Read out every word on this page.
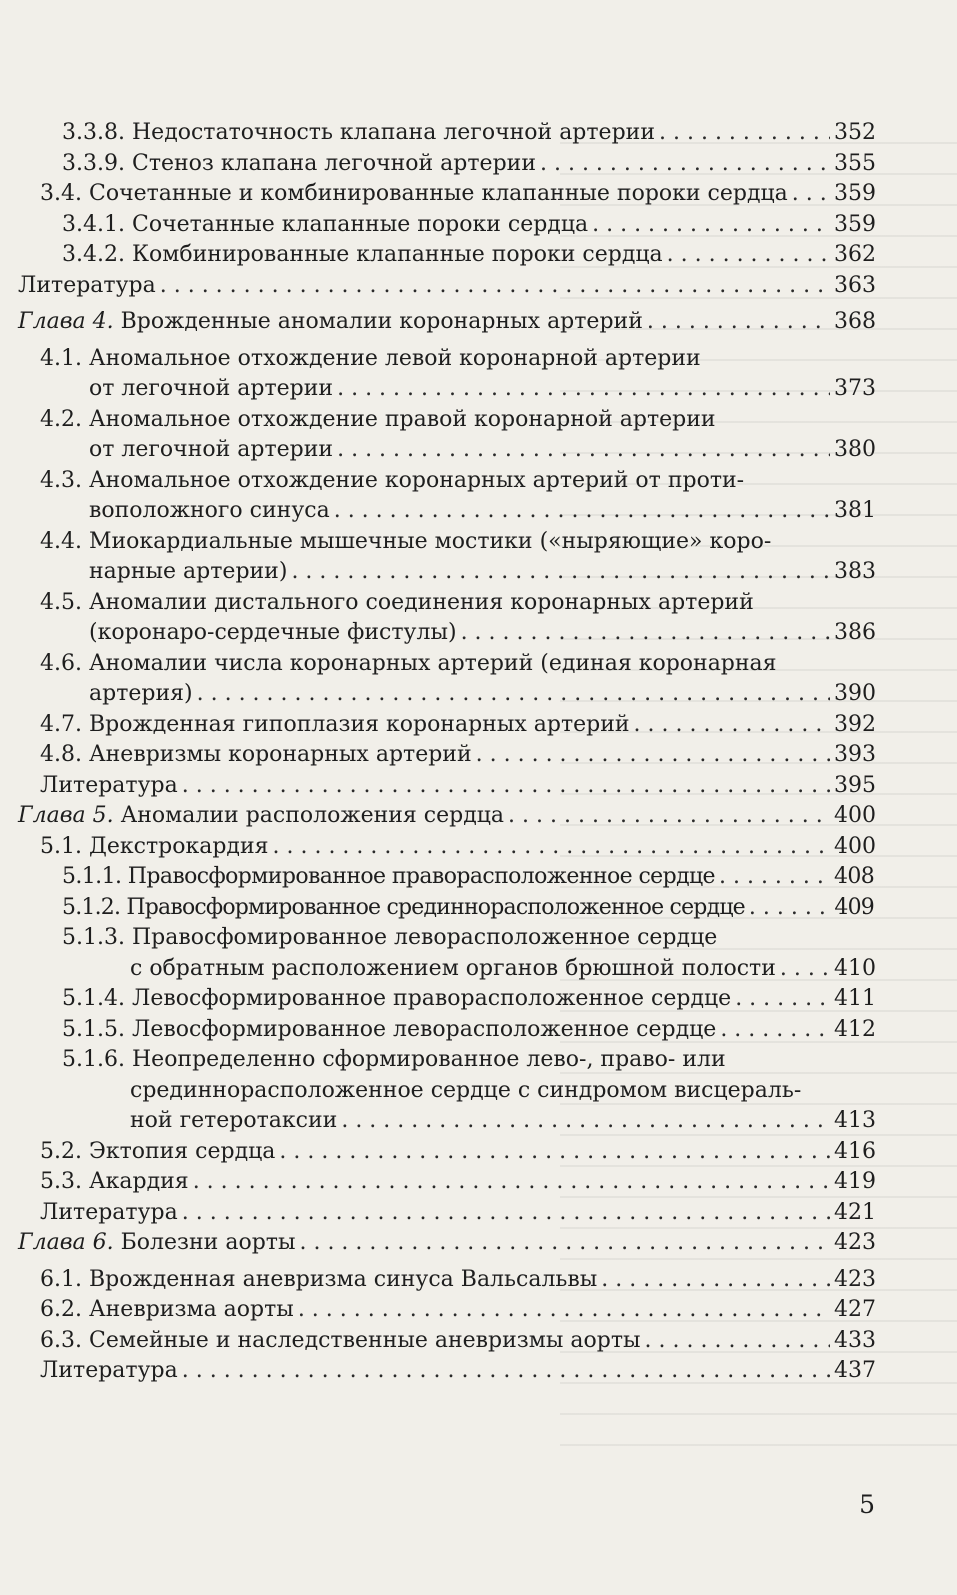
3.3.8. Недостаточность клапана легочной артерии . . .	352
3.3.9. Стеноз клапана легочной артерии . . .	355
3.4. Сочетанные и комбинированные клапанные пороки сердца . . . 359
3.4.1. Сочетанные клапанные пороки сердца . . .	359
3.4.2. Комбинированные клапанные пороки сердца . . .	362
Литература . . .	363
Глава 4. Врожденные аномалии коронарных артерий . . .	368
4.1. Аномальное отхождение левой коронарной артерии
от легочной артерии . . .	373
4.2. Аномальное отхождение правой коронарной артерии
от легочной артерии . . .	380
4.3. Аномальное отхождение коронарных артерий от проти-
воположного синуса . . .	381
4.4. Миокардиальные мышечные мостики («ныряющие» коро-
нарные артерии) . . .	383
4.5. Аномалии дистального соединения коронарных артерий
(коронаро-сердечные фистулы) . . .	386
4.6. Аномалии числа коронарных артерий (единая коронарная
артерия) . . .	390
4.7. Врожденная гипоплазия коронарных артерий . . .	392
4.8. Аневризмы коронарных артерий . . .	393
Литература . . .	395
Глава 5. Аномалии расположения сердца . . .	400
5.1. Декстрокардия . . .	400
5.1.1. Правосформированное праворасположенное сердце . . .	408
5.1.2. Правосформированное срединнорасположенное сердце . . .	409
5.1.3. Правосфомированное леворасположенное сердце
с обратным расположением органов брюшной полости . . .	410
5.1.4. Левосформированное праворасположенное сердце . . .	411
5.1.5. Левосформированное леворасположенное сердце . . .	412
5.1.6. Неопределенно сформированное лево-, право- или
срединнорасположенное сердце с синдромом висцераль-
ной гетеротаксии . . .	413
5.2. Эктопия сердца . . .	416
5.3. Акардия . . .	419
Литература . . .	421
Глава 6. Болезни аорты . . .	423
6.1. Врожденная аневризма синуса Вальсальвы . . .	423
6.2. Аневризма аорты . . .	427
6.3. Семейные и наследственные аневризмы аорты . . .	433
Литература . . .	437
5
